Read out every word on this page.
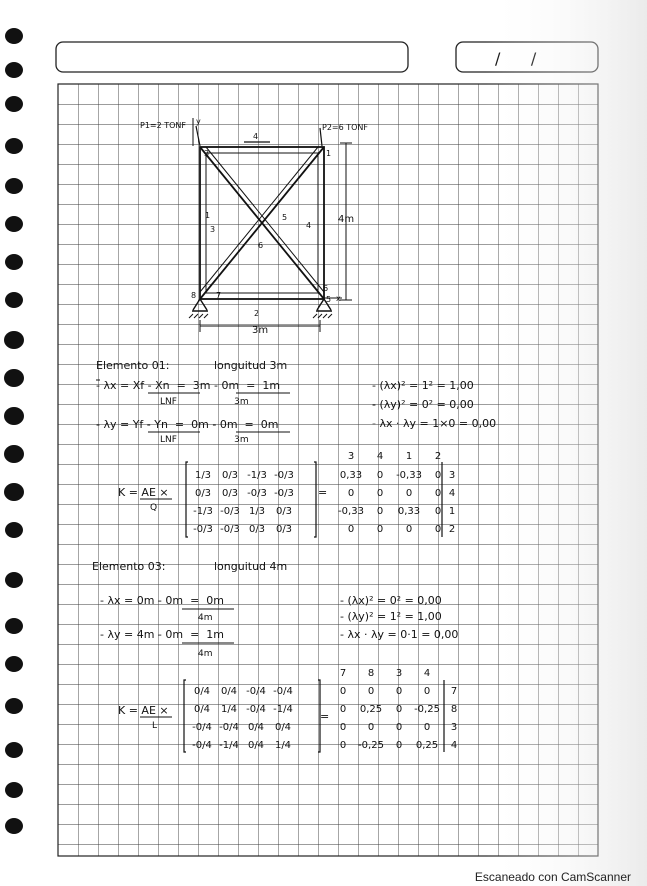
P1=2 TONF	P2=6 TONF
y
3	1
8 7
6
5 x
4
3	4
5
6
2
1	4m
3m
Elemento 01:	longuitud 3m
- λx = Xf - Xn  =  3m - 0m  =  1m
LNF                    3m
- λy = Yf - Yn  =  0m - 0m  =  0m
LNF                    3m
- (λx)² = 1² = 1,00
- (λy)² = 0² = 0,00
- λx · λy = 1×0 = 0,00
K = AE ×
Q
=
1/3 0/3 -1/3 -0/3
0/3 0/3 -0/3 -0/3
-1/3 -0/3 1/3 0/3
-0/3 -0/3 0/3 0/3
0,33 0 -0,33 0
0 0 0 0
-0,33 0 0,33 0
0 0 0 0
3 4 1 2
3
4
1
2
Elemento 03:	longuitud 4m
- λx = 0m - 0m  =  0m
4m
- λy = 4m - 0m  =  1m
4m
- (λx)² = 0² = 0,00
- (λy)² = 1² = 1,00
- λx · λy = 0·1 = 0,00
K = AE ×
L
=
0/4 0/4 -0/4 -0/4
0/4 1/4 -0/4 -1/4
-0/4 -0/4 0/4 0/4
-0/4 -1/4 0/4 1/4
0 0 0 0
0 0,25 0 -0,25
0 0 0 0
0 -0,25 0 0,25
7 8 3 4
7
8
3
4
Escaneado con CamScanner
